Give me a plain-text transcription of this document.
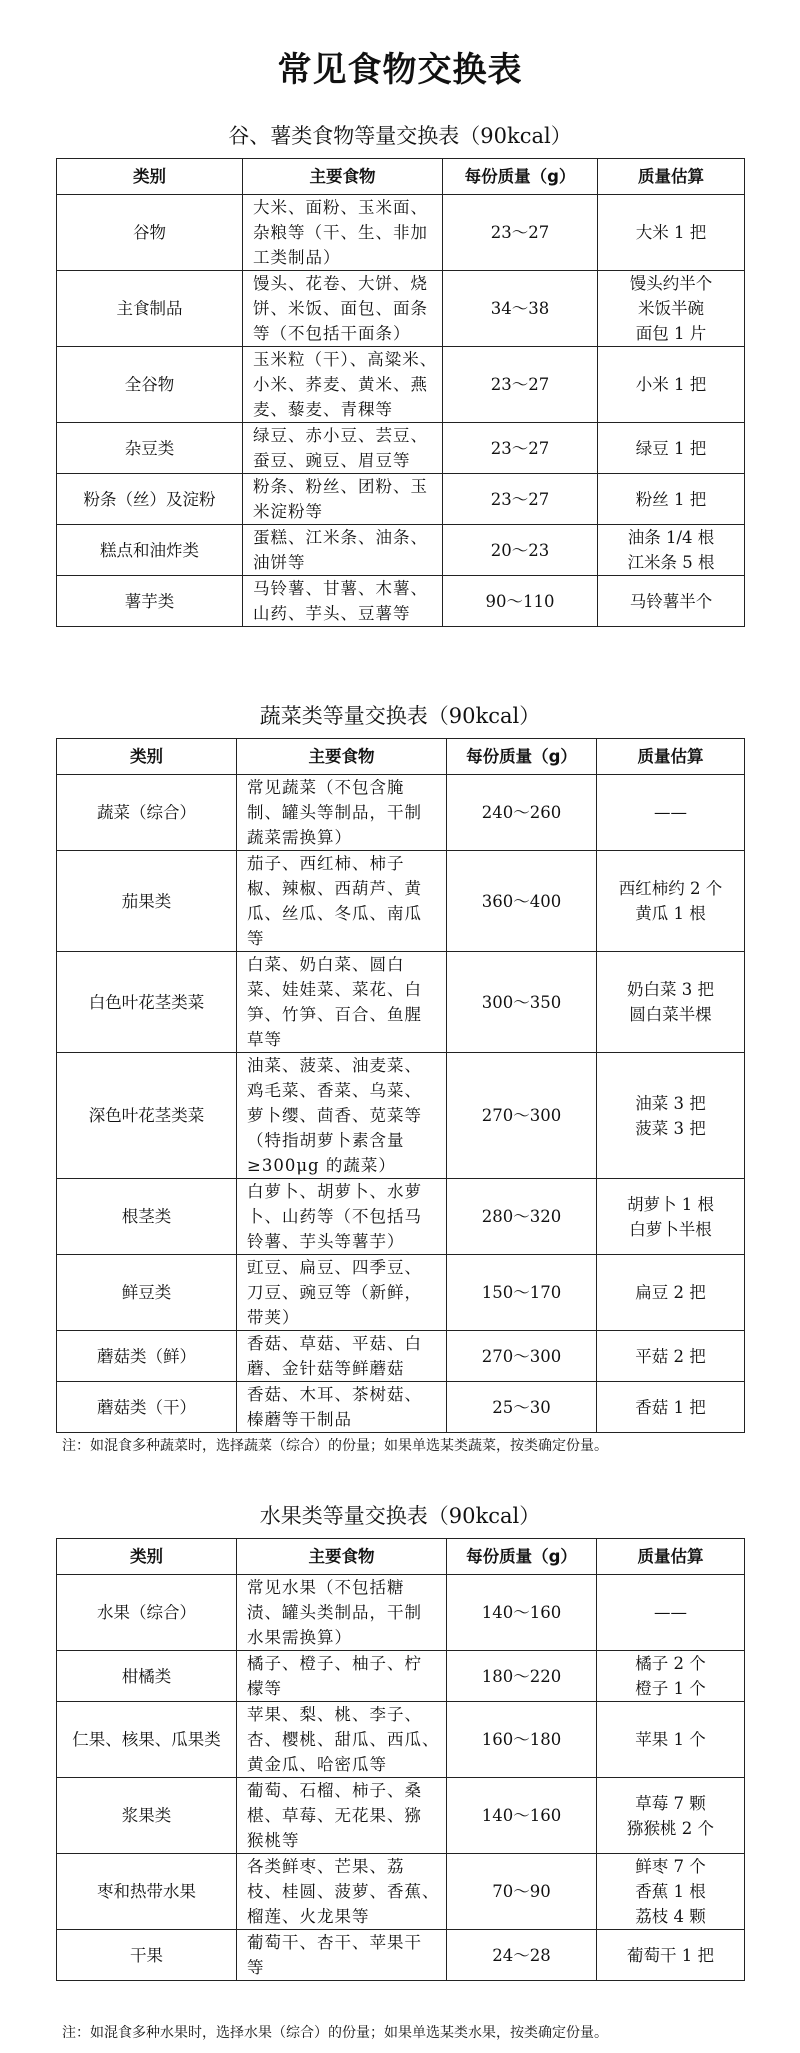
常见食物交换表
谷、薯类食物等量交换表（90kcal）
类别	主要食物	每份质量（g）	质量估算
谷物	大米、面粉、玉米面、
杂粮等（干、生、非加
工类制品）	23～27	大米 1 把

主食制品	馒头、花卷、大饼、烧
饼、米饭、面包、面条
等（不包括干面条）	34～38	馒头约半个
米饭半碗
面包 1 片

全谷物	玉米粒（干）、高粱米、
小米、荞麦、黄米、燕
麦、藜麦、青稞等	23～27	小米 1 把

杂豆类	绿豆、赤小豆、芸豆、
蚕豆、豌豆、眉豆等	23～27	绿豆 1 把

粉条（丝）及淀粉	粉条、粉丝、团粉、玉
米淀粉等	23～27	粉丝 1 把

糕点和油炸类	蛋糕、江米条、油条、
油饼等	20～23	油条 1/4 根
江米条 5 根

薯芋类	马铃薯、甘薯、木薯、
山药、芋头、豆薯等	90～110	马铃薯半个
蔬菜类等量交换表（90kcal）
类别	主要食物	每份质量（g）	质量估算
蔬菜（综合）	常见蔬菜（不包含腌
制、罐头等制品，干制
蔬菜需换算）	240～260	——

茄果类	茄子、西红柿、柿子
椒、辣椒、西葫芦、黄
瓜、丝瓜、冬瓜、南瓜
等	360～400	西红柿约 2 个
黄瓜 1 根

白色叶花茎类菜	白菜、奶白菜、圆白
菜、娃娃菜、菜花、白
笋、竹笋、百合、鱼腥
草等	300～350	奶白菜 3 把
圆白菜半棵

深色叶花茎类菜	油菜、菠菜、油麦菜、
鸡毛菜、香菜、乌菜、
萝卜缨、茴香、苋菜等
（特指胡萝卜素含量
≥300μg 的蔬菜）	270～300	油菜 3 把
菠菜 3 把

根茎类	白萝卜、胡萝卜、水萝
卜、山药等（不包括马
铃薯、芋头等薯芋）	280～320	胡萝卜 1 根
白萝卜半根

鲜豆类	豇豆、扁豆、四季豆、
刀豆、豌豆等（新鲜，
带荚）	150～170	扁豆 2 把

蘑菇类（鲜）	香菇、草菇、平菇、白
蘑、金针菇等鲜蘑菇	270～300	平菇 2 把

蘑菇类（干）	香菇、木耳、茶树菇、
榛蘑等干制品	25～30	香菇 1 把
注：如混食多种蔬菜时，选择蔬菜（综合）的份量；如果单选某类蔬菜，按类确定份量。
水果类等量交换表（90kcal）
类别	主要食物	每份质量（g）	质量估算
水果（综合）	常见水果（不包括糖
渍、罐头类制品，干制
水果需换算）	140～160	——

柑橘类	橘子、橙子、柚子、柠
檬等	180～220	橘子 2 个
橙子 1 个

仁果、核果、瓜果类	苹果、梨、桃、李子、
杏、樱桃、甜瓜、西瓜、
黄金瓜、哈密瓜等	160～180	苹果 1 个

浆果类	葡萄、石榴、柿子、桑
椹、草莓、无花果、猕
猴桃等	140～160	草莓 7 颗
猕猴桃 2 个

枣和热带水果	各类鲜枣、芒果、荔
枝、桂圆、菠萝、香蕉、
榴莲、火龙果等	70～90	鲜枣 7 个
香蕉 1 根
荔枝 4 颗

干果	葡萄干、杏干、苹果干
等	24～28	葡萄干 1 把
注：如混食多种水果时，选择水果（综合）的份量；如果单选某类水果，按类确定份量。
